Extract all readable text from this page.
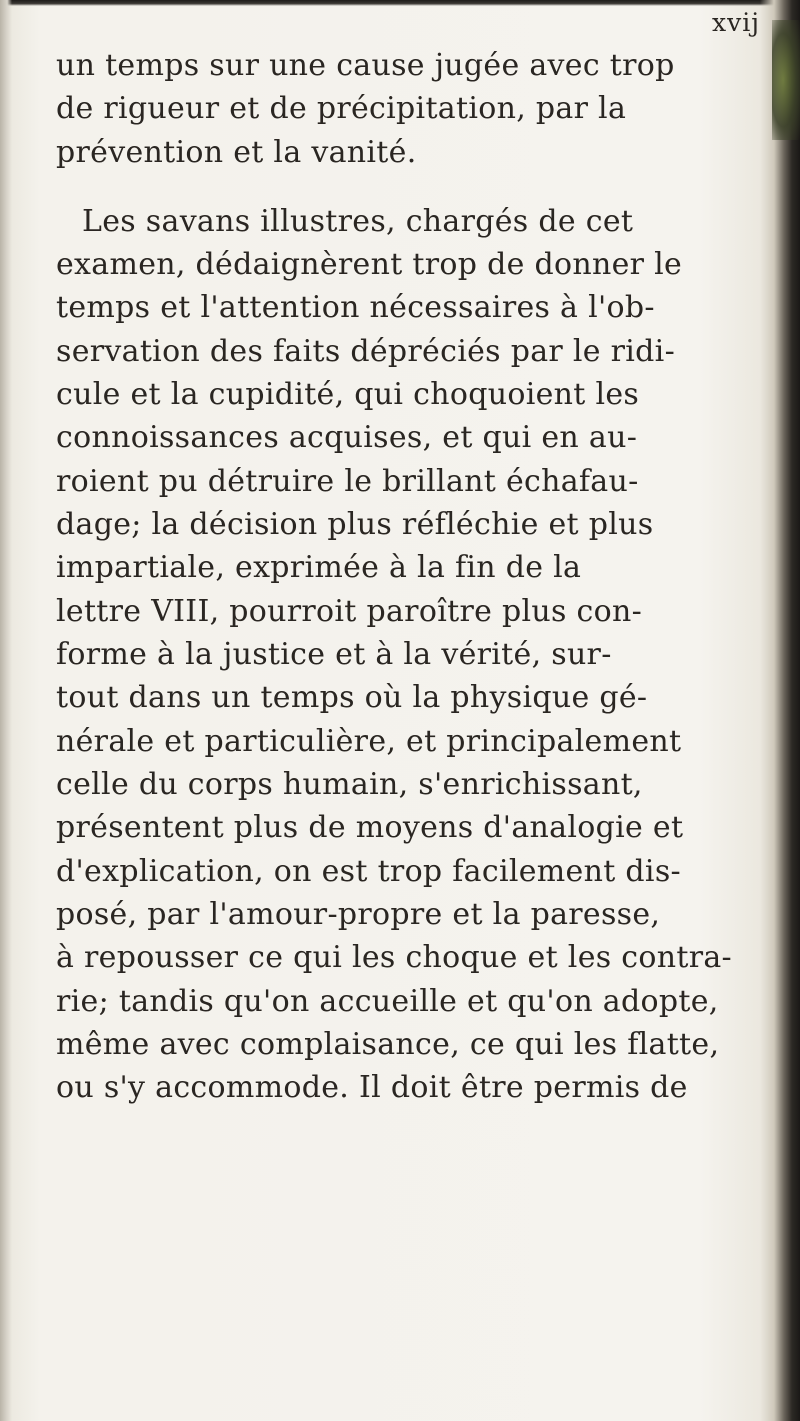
xvij
un temps sur une cause jugée avec trop
de rigueur et de précipitation, par la
prévention et la vanité.
Les savans illustres, chargés de cet
examen, dédaignèrent trop de donner le
temps et l'attention nécessaires à l'ob-
servation des faits dépréciés par le ridi-
cule et la cupidité, qui choquoient les
connoissances acquises, et qui en au-
roient pu détruire le brillant échafau-
dage; la décision plus réfléchie et plus
impartiale, exprimée à la fin de la
lettre VIII, pourroit paroître plus con-
forme à la justice et à la vérité, sur-
tout dans un temps où la physique gé-
nérale et particulière, et principalement
celle du corps humain, s'enrichissant,
présentent plus de moyens d'analogie et
d'explication, on est trop facilement dis-
posé, par l'amour-propre et la paresse,
à repousser ce qui les choque et les contra-
rie; tandis qu'on accueille et qu'on adopte,
même avec complaisance, ce qui les flatte,
ou s'y accommode. Il doit être permis de
